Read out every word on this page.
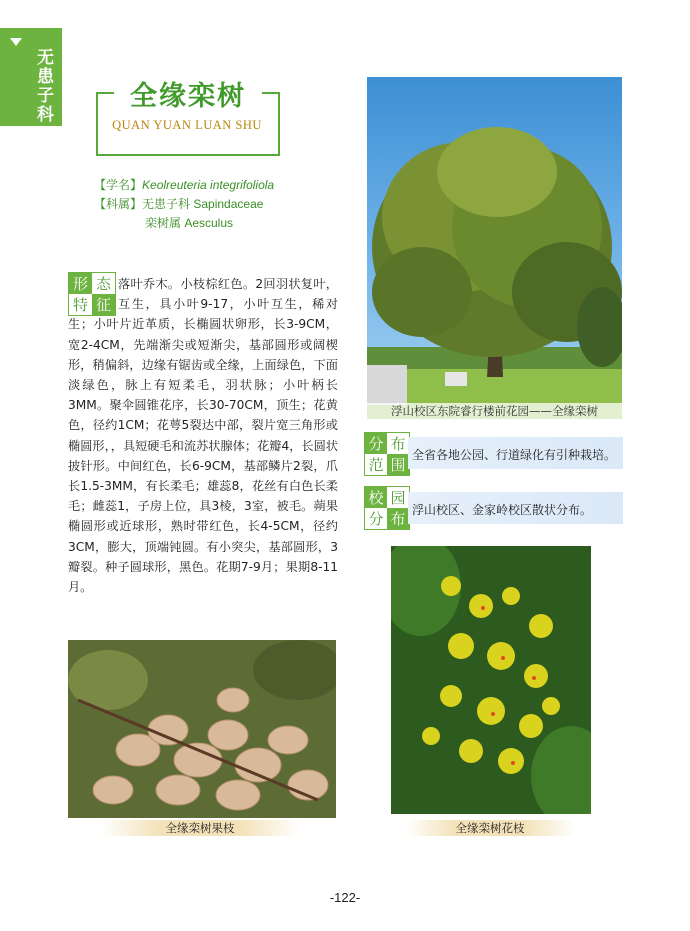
无患子科	全缘栾树
QUAN YUAN LUAN SHU
【学名】Keolreuteria integrifoliola
【科属】无患子科 Sapindaceae
栾树属 Aesculus
落叶乔木。小枝棕红色。2回羽状复叶，互生，具小叶9-17，小叶互生，稀对生；小叶片近革质，长椭圆状卵形，长3-9CM，宽2-4CM，先端渐尖或短渐尖，基部圆形或阔楔形，稍偏斜，边缘有锯齿或全缘，上面绿色，下面淡绿色，脉上有短柔毛，羽状脉；小叶柄长3MM。聚伞圆锥花序，长30-70CM，顶生；花黄色，径约1CM；花萼5裂达中部，裂片宽三角形或椭圆形，，具短硬毛和流苏状腺体；花瓣4，长圆状披针形。中间红色，长6-9CM，基部鳞片2裂，爪长1.5-3MM，有长柔毛；雄蕊8，花丝有白色长柔毛；雌蕊1，子房上位，具3棱，3室，被毛。蒴果椭圆形或近球形，熟时带红色，长4-5CM，径约3CM，膨大，顶端钝圆。有小突尖，基部圆形，3瓣裂。种子圆球形，黑色。花期7-9月；果期8-11月。
形 态
特 征
浮山校区东院睿行楼前花园——全缘栾树
分 布
范 围
全省各地公园、行道绿化有引种栽培。
校 园
分 布 浮山校区、金家岭校区散状分布。
全缘栾树果枝	全缘栾树花枝
-122-
